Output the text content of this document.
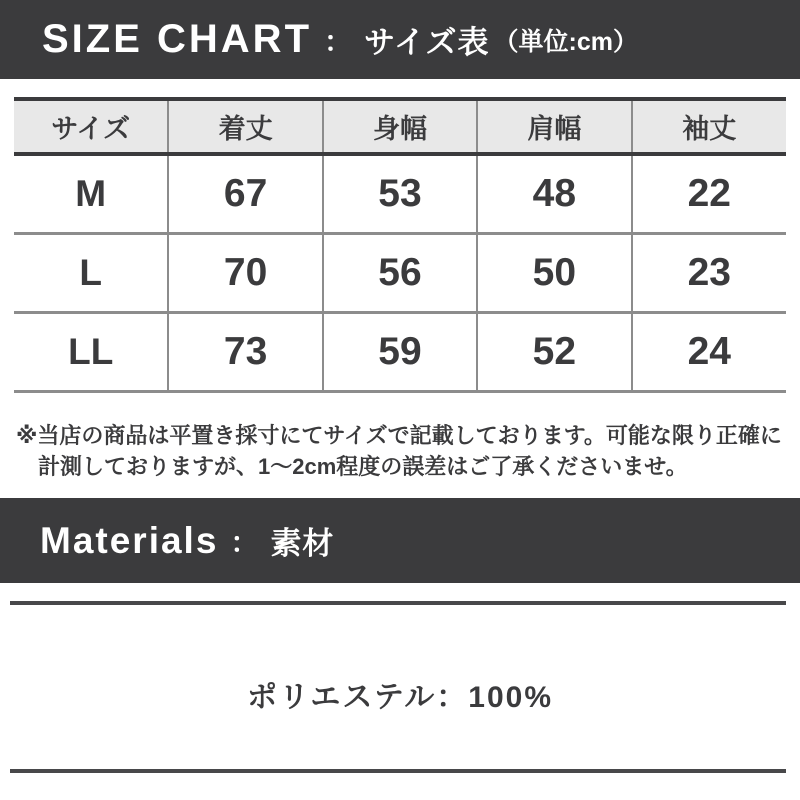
SIZE CHART ： サイズ表 （単位:cm）
サイズ	着丈	身幅	肩幅	袖丈
M	67	53	48	22
L	70	56	50	23
LL	73	59	52	24
※当店の商品は平置き採寸にてサイズで記載しております。可能な限り正確に
計測しておりますが、1～2cm程度の誤差はご了承くださいませ。
Materials ： 素材
ポリエステル：100%
